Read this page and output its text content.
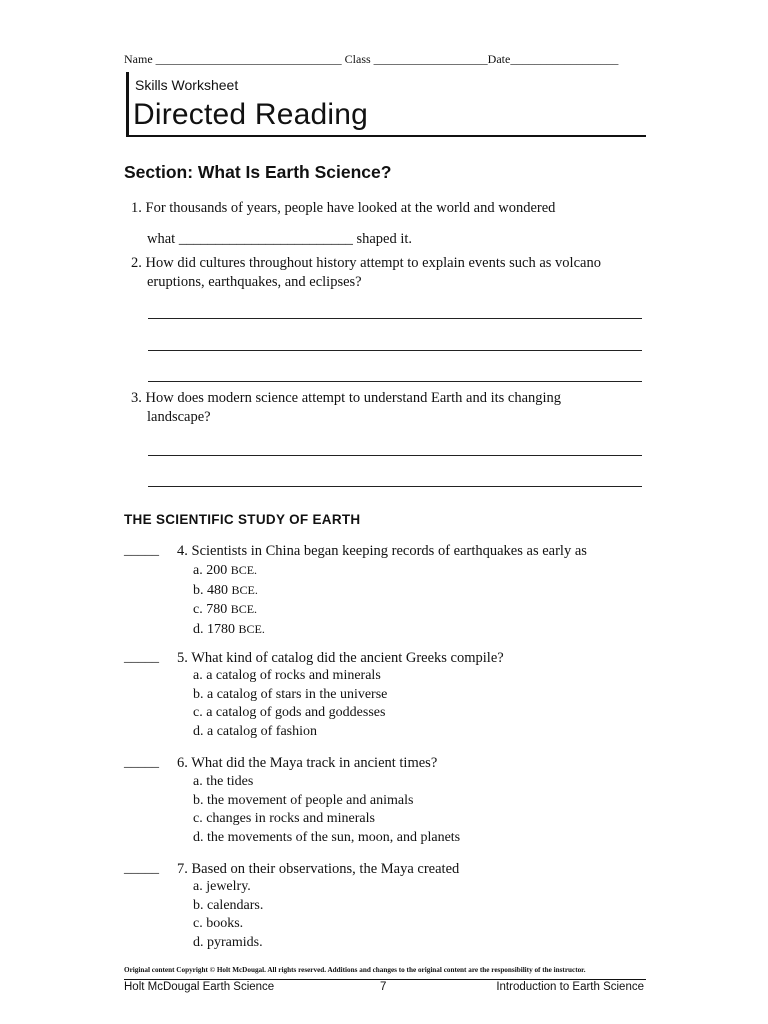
Name _______________________________ Class ___________________Date__________________
Skills Worksheet
Directed Reading
Section: What Is Earth Science?
1. For thousands of years, people have looked at the world and wondered
what ________________________ shaped it.
2. How did cultures throughout history attempt to explain events such as volcano
eruptions, earthquakes, and eclipses?
3. How does modern science attempt to understand Earth and its changing
landscape?
THE SCIENTIFIC STUDY OF EARTH
_____ 4. Scientists in China began keeping records of earthquakes as early as
a. 200 BCE.
b. 480 BCE.
c. 780 BCE.
d. 1780 BCE.
_____ 5. What kind of catalog did the ancient Greeks compile?
a. a catalog of rocks and minerals
b. a catalog of stars in the universe
c. a catalog of gods and goddesses
d. a catalog of fashion
_____ 6. What did the Maya track in ancient times?
a. the tides
b. the movement of people and animals
c. changes in rocks and minerals
d. the movements of the sun, moon, and planets
_____ 7. Based on their observations, the Maya created
a. jewelry.
b. calendars.
c. books.
d. pyramids.
Original content Copyright © Holt McDougal. All rights reserved. Additions and changes to the original content are the responsibility of the instructor.
Holt McDougal Earth Science	7	Introduction to Earth Science
